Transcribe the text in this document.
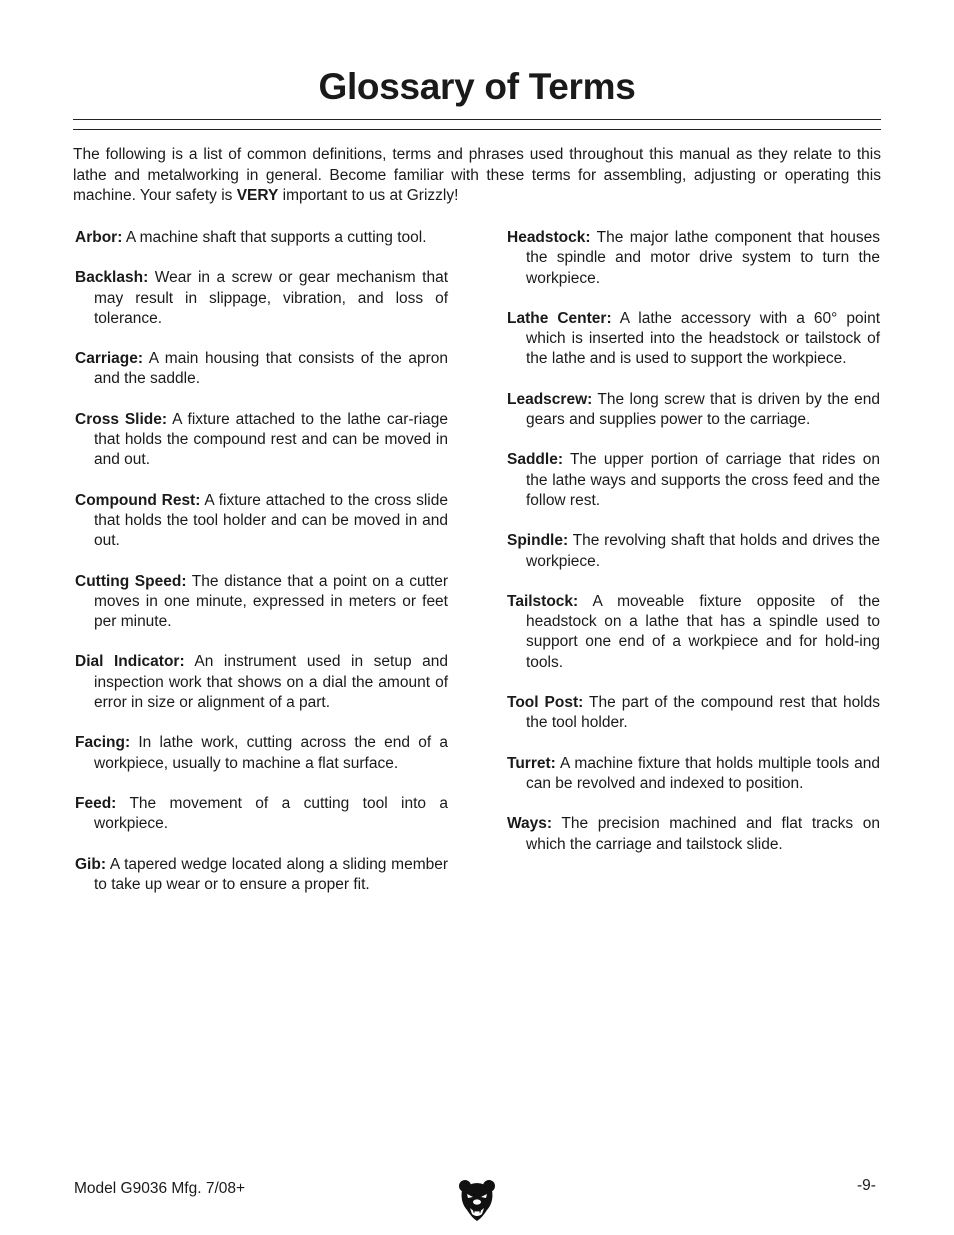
Glossary of Terms

The following is a list of common definitions, terms and phrases used throughout this manual as they relate to this lathe and metalworking in general. Become familiar with these terms for assembling, adjusting or operating this machine. Your safety is VERY important to us at Grizzly!

Arbor: A machine shaft that supports a cutting tool.

Backlash: Wear in a screw or gear mechanism that may result in slippage, vibration, and loss of tolerance.

Carriage: A main housing that consists of the apron and the saddle.

Cross Slide: A fixture attached to the lathe car-riage that holds the compound rest and can be moved in and out.

Compound Rest: A fixture attached to the cross slide that holds the tool holder and can be moved in and out.

Cutting Speed: The distance that a point on a cutter moves in one minute, expressed in meters or feet per minute.

Dial Indicator: An instrument used in setup and inspection work that shows on a dial the amount of error in size or alignment of a part.

Facing: In lathe work, cutting across the end of a workpiece, usually to machine a flat surface.

Feed: The movement of a cutting tool into a workpiece.

Gib: A tapered wedge located along a sliding member to take up wear or to ensure a proper fit.

Headstock: The major lathe component that houses the spindle and motor drive system to turn the workpiece.

Lathe Center: A lathe accessory with a 60° point which is inserted into the headstock or tailstock of the lathe and is used to support the workpiece.

Leadscrew: The long screw that is driven by the end gears and supplies power to the carriage.

Saddle: The upper portion of carriage that rides on the lathe ways and supports the cross feed and the follow rest.

Spindle: The revolving shaft that holds and drives the workpiece.

Tailstock: A moveable fixture opposite of the headstock on a lathe that has a spindle used to support one end of a workpiece and for hold-ing tools.

Tool Post: The part of the compound rest that holds the tool holder.

Turret: A machine fixture that holds multiple tools and can be revolved and indexed to position.

Ways: The precision machined and flat tracks on which the carriage and tailstock slide.

Model G9036 Mfg. 7/08+	-9-
